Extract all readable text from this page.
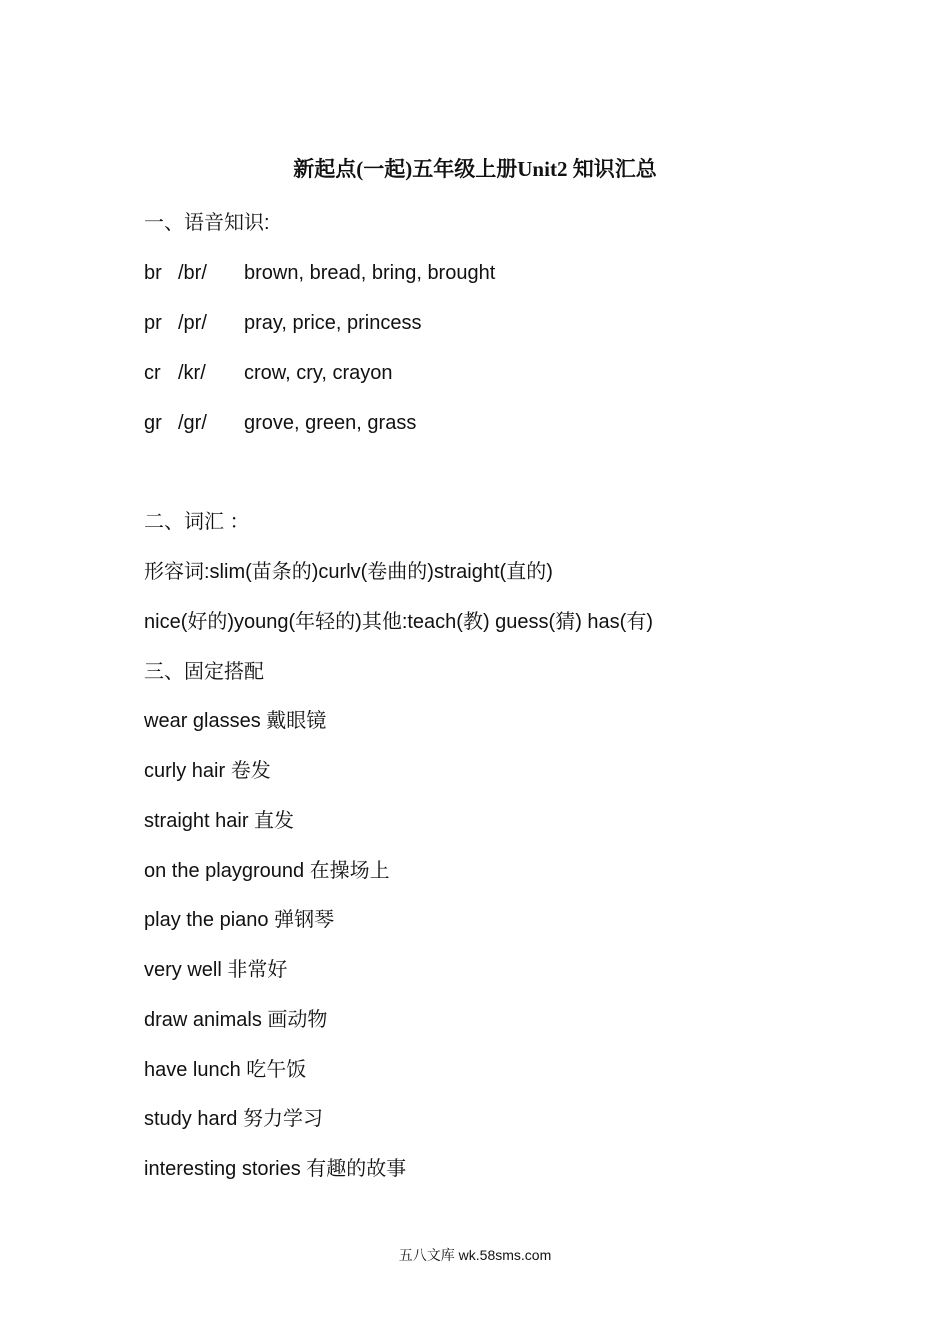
新起点(一起)五年级上册Unit2 知识汇总
一、语音知识:
br /br/ brown, bread, bring, brought
pr /pr/ pray, price, princess
cr /kr/ crow, cry, crayon
gr /gr/ grove, green, grass
二、词汇 ：
形容词:slim(苗条的)curlv(卷曲的)straight(直的)
nice(好的)young(年轻的)其他:teach(教) guess(猜) has(有)
三、固定搭配
wear glasses 戴眼镜
curly hair 卷发
straight hair 直发
on the playground 在操场上
play the piano 弹钢琴
very well 非常好
draw animals 画动物
have lunch 吃午饭
study hard 努力学习
interesting stories 有趣的故事
五八文库 wk.58sms.com
